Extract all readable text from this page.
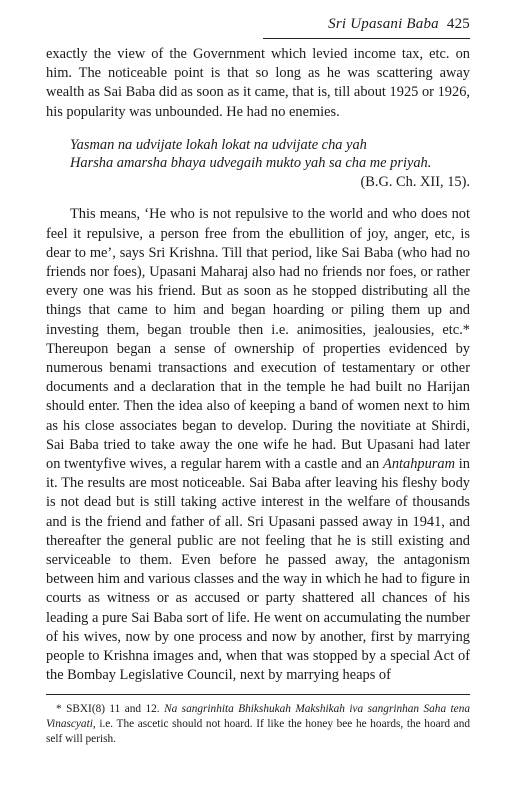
Sri Upasani Baba 425

exactly the view of the Government which levied income tax, etc. on him. The noticeable point is that so long as he was scattering away wealth as Sai Baba did as soon as it came, that is, till about 1925 or 1926, his popularity was unbounded. He had no enemies.

Yasman na udvijate lokah lokat na udvijate cha yah
Harsha amarsha bhaya udvegaih mukto yah sa cha me priyah.
(B.G. Ch. XII, 15).

This means, ‘He who is not repulsive to the world and who does not feel it repulsive, a person free from the ebullition of joy, anger, etc, is dear to me’, says Sri Krishna. Till that period, like Sai Baba (who had no friends nor foes), Upasani Maharaj also had no friends nor foes, or rather every one was his friend. But as soon as he stopped distributing all the things that came to him and began hoarding or piling them up and investing them, began trouble then i.e. animosities, jealousies, etc.* Thereupon began a sense of ownership of properties evidenced by numerous benami transactions and execution of testamentary or other documents and a declaration that in the temple he had built no Harijan should enter. Then the idea also of keeping a band of women next to him as his close associates began to develop. During the novitiate at Shirdi, Sai Baba tried to take away the one wife he had. But Upasani had later on twentyfive wives, a regular harem with a castle and an Antahpuram in it. The results are most noticeable. Sai Baba after leaving his fleshy body is not dead but is still taking active interest in the welfare of thousands and is the friend and father of all. Sri Upasani passed away in 1941, and thereafter the general public are not feeling that he is still existing and serviceable to them. Even before he passed away, the antagonism between him and various classes and the way in which he had to figure in courts as witness or as accused or party shattered all chances of his leading a pure Sai Baba sort of life. He went on accumulating the number of his wives, now by one process and now by another, first by marrying people to Krishna images and, when that was stopped by a special Act of the Bombay Legislative Council, next by marrying heaps of

* SBXI(8) 11 and 12. Na sangrinhita Bhikshukah Makshikah iva sangrinhan Saha tena Vinascyati, i.e. The ascetic should not hoard. If like the honey bee he hoards, the hoard and self will perish.
